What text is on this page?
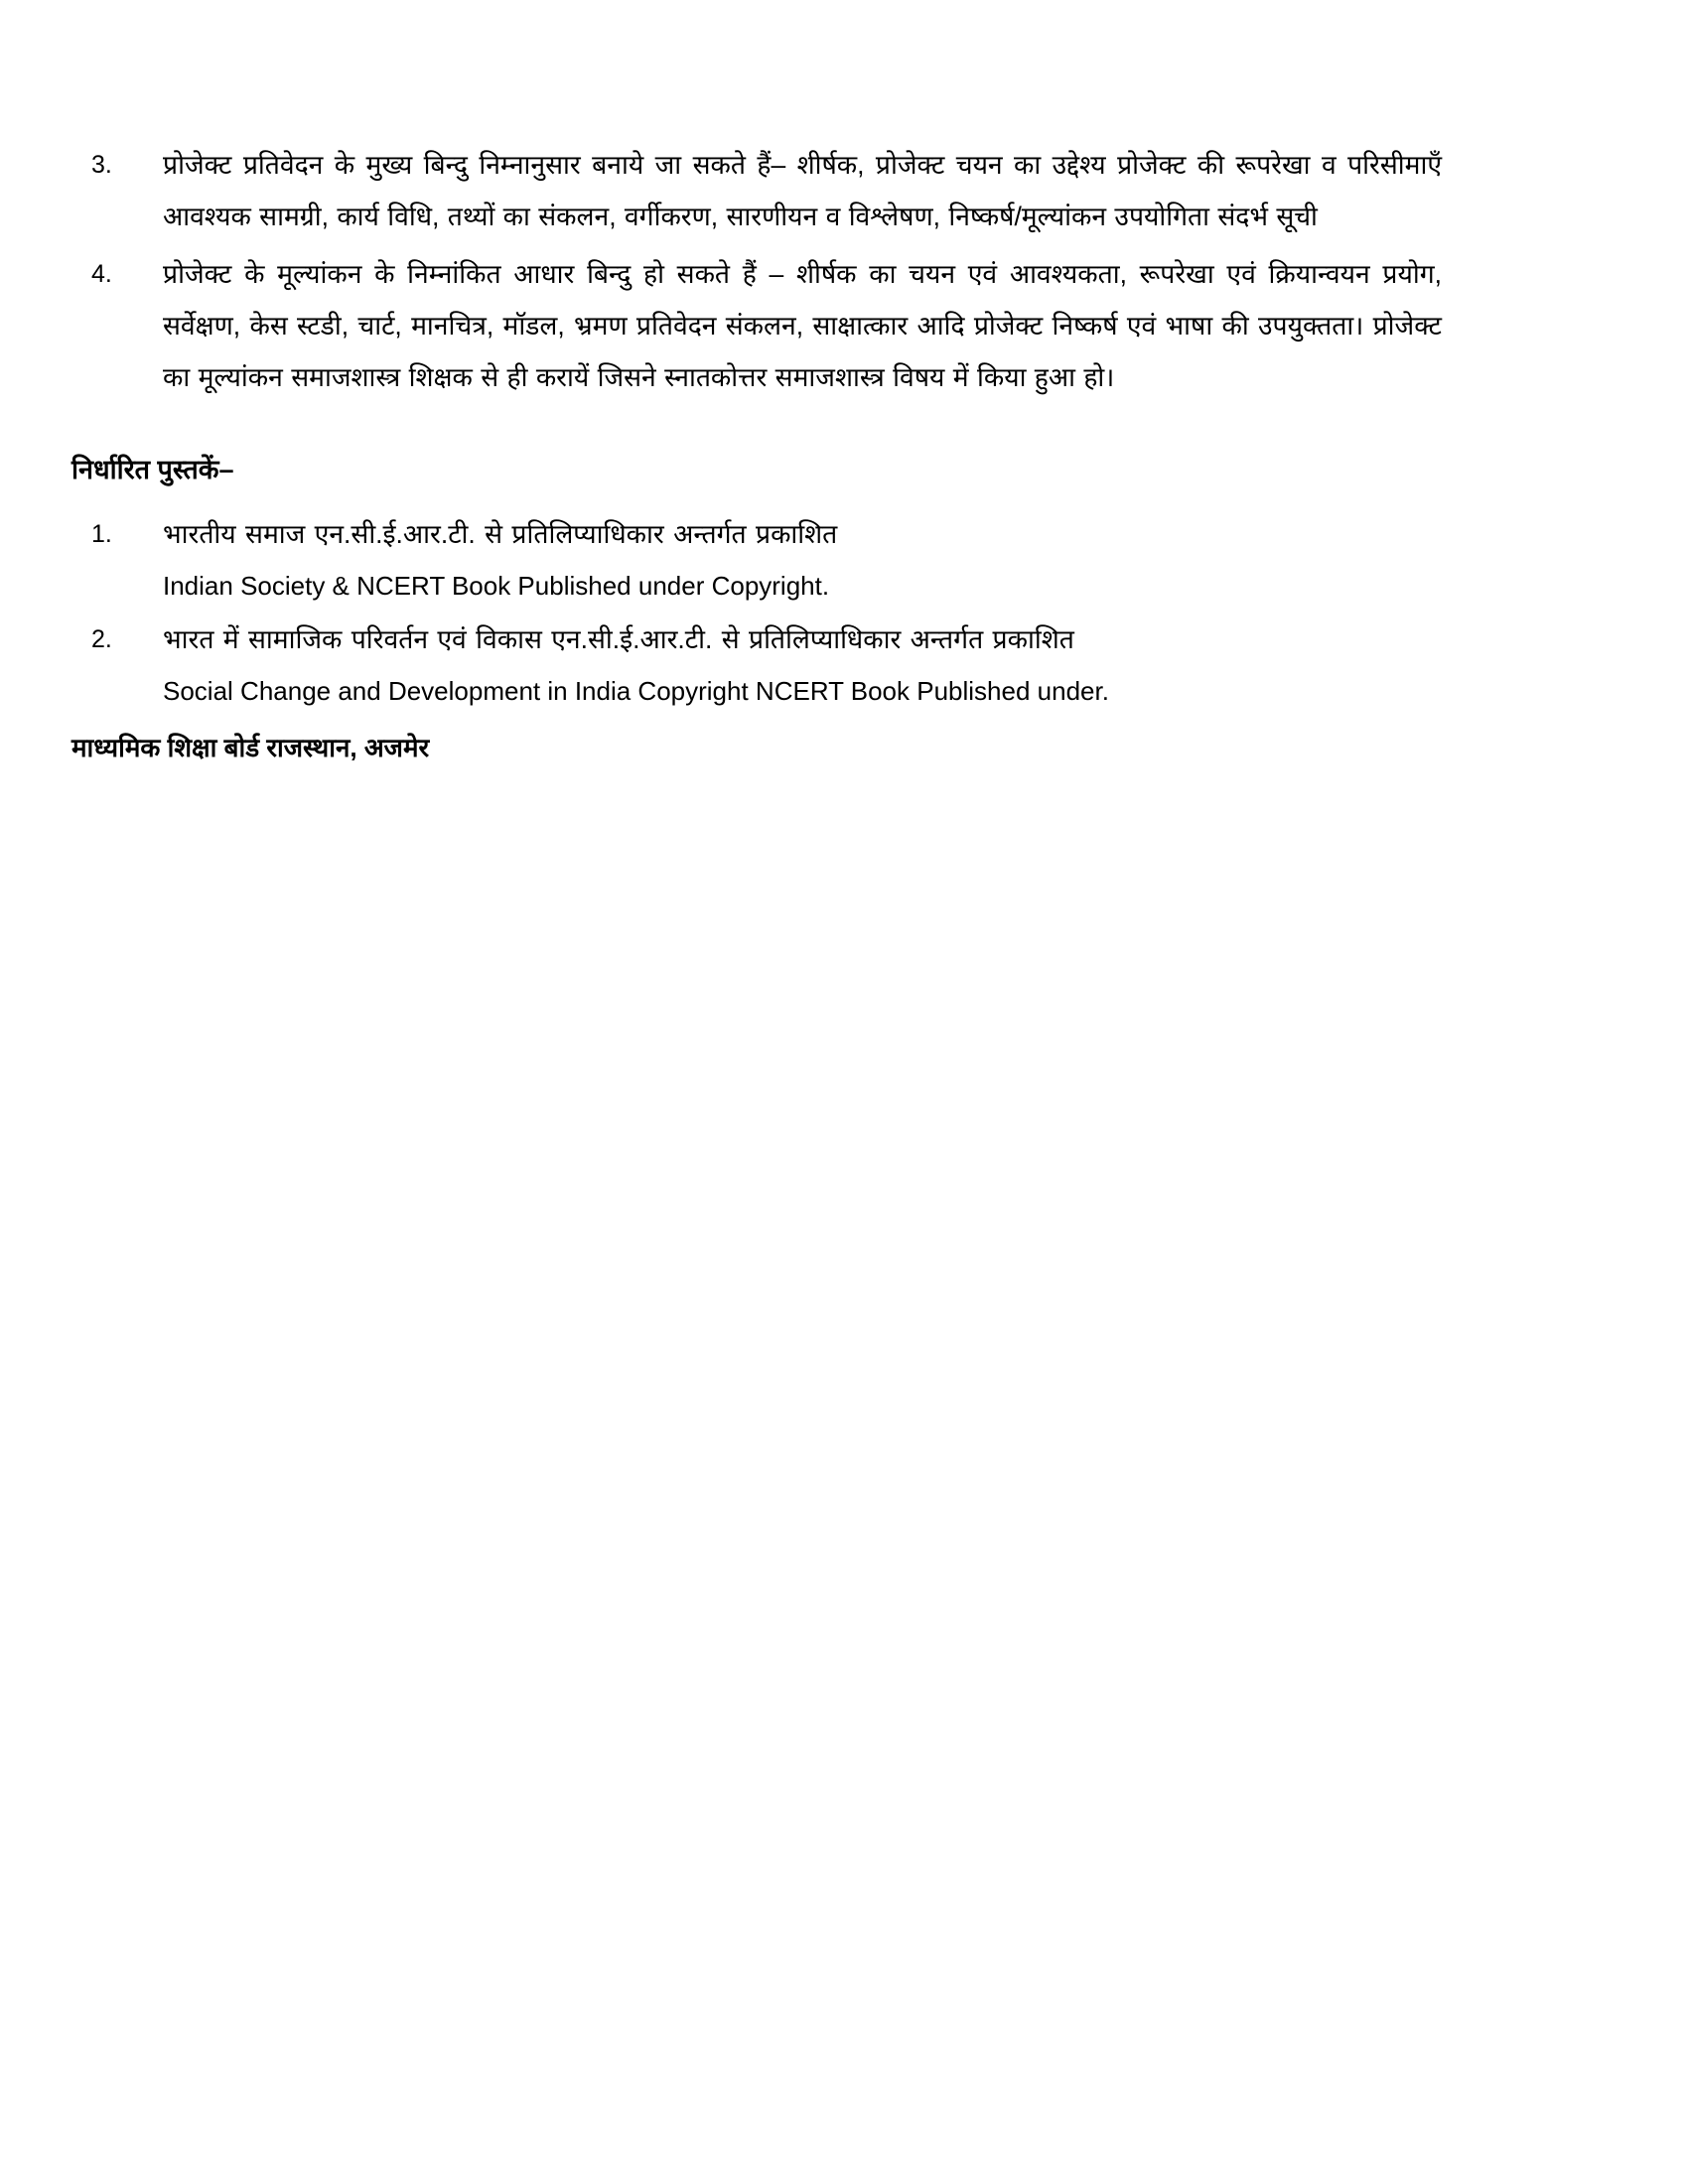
3.	प्रोजेक्ट प्रतिवेदन के मुख्य बिन्दु निम्नानुसार बनाये जा सकते हैं– शीर्षक, प्रोजेक्ट चयन का उद्देश्य प्रोजेक्ट की रूपरेखा व परिसीमाएँ आवश्यक सामग्री, कार्य विधि, तथ्यों का संकलन, वर्गीकरण, सारणीयन व विश्लेषण, निष्कर्ष/मूल्यांकन उपयोगिता संदर्भ सूची
4.	प्रोजेक्ट के मूल्यांकन के निम्नांकित आधार बिन्दु हो सकते हैं – शीर्षक का चयन एवं आवश्यकता, रूपरेखा एवं क्रियान्वयन प्रयोग, सर्वेक्षण, केस स्टडी, चार्ट, मानचित्र, मॉडल, भ्रमण प्रतिवेदन संकलन, साक्षात्कार आदि प्रोजेक्ट निष्कर्ष एवं भाषा की उपयुक्तता। प्रोजेक्ट का मूल्यांकन समाजशास्त्र शिक्षक से ही करायें जिसने स्नातकोत्तर समाजशास्त्र विषय में किया हुआ हो।
निर्धारित पुस्तकें–
1.	भारतीय समाज एन.सी.ई.आर.टी. से प्रतिलिप्याधिकार अन्तर्गत प्रकाशित
Indian Society & NCERT Book Published under Copyright.
2.	भारत में सामाजिक परिवर्तन एवं विकास एन.सी.ई.आर.टी. से प्रतिलिप्याधिकार अन्तर्गत प्रकाशित
Social Change and Development in India Copyright NCERT Book Published under.
माध्यमिक शिक्षा बोर्ड राजस्थान, अजमेर
